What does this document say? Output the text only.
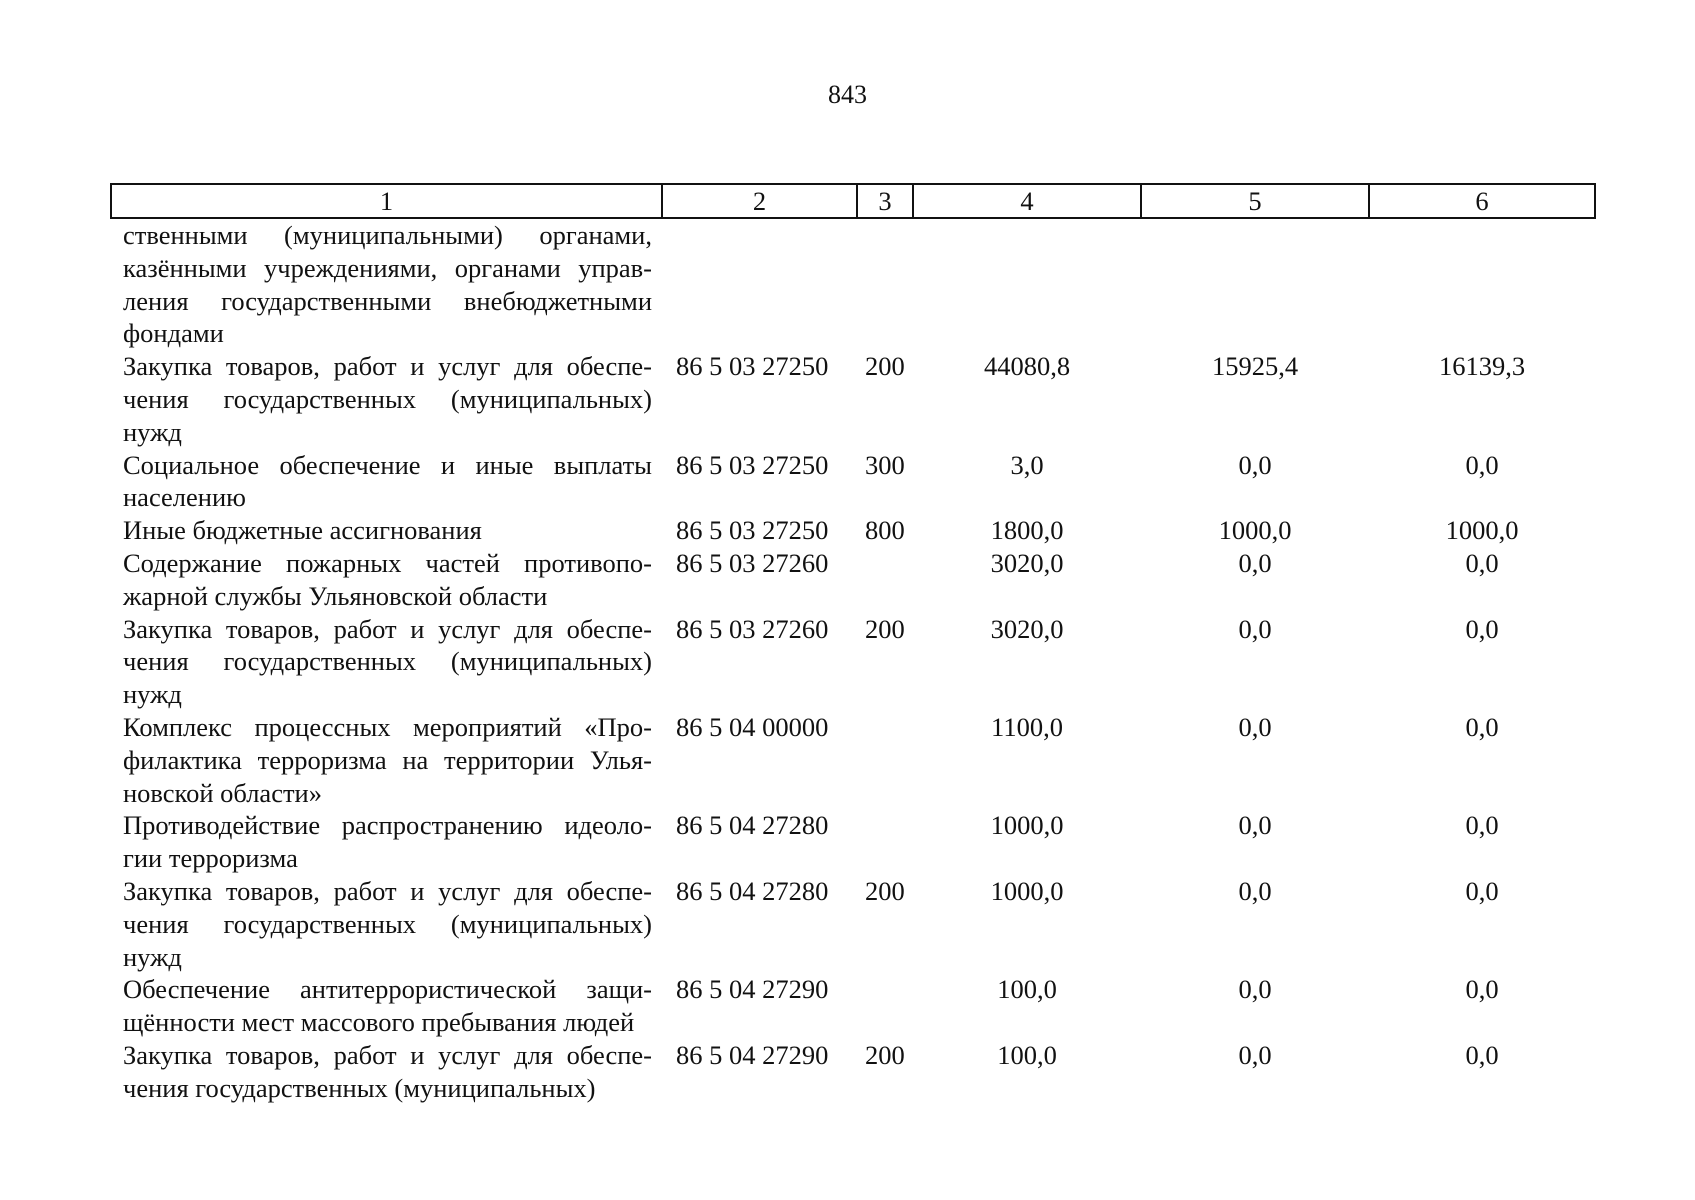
843
1	2	3	4	5	6
ственными (муниципальными) органами, казёнными учреждениями, органами управления государственными внебюджетными фондами					
Закупка товаров, работ и услуг для обеспечения государственных (муниципальных) нужд	86 5 03 27250	200	44080,8	15925,4	16139,3
Социальное обеспечение и иные выплаты населению	86 5 03 27250	300	3,0	0,0	0,0
Иные бюджетные ассигнования	86 5 03 27250	800	1800,0	1000,0	1000,0
Содержание пожарных частей противопожарной службы Ульяновской области	86 5 03 27260		3020,0	0,0	0,0
Закупка товаров, работ и услуг для обеспечения государственных (муниципальных) нужд	86 5 03 27260	200	3020,0	0,0	0,0
Комплекс процессных мероприятий «Профилактика терроризма на территории Ульяновской области»	86 5 04 00000		1100,0	0,0	0,0
Противодействие распространению идеологии терроризма	86 5 04 27280		1000,0	0,0	0,0
Закупка товаров, работ и услуг для обеспечения государственных (муниципальных) нужд	86 5 04 27280	200	1000,0	0,0	0,0
Обеспечение антитеррористической защищённости мест массового пребывания людей	86 5 04 27290		100,0	0,0	0,0
Закупка товаров, работ и услуг для обеспечения государственных (муниципальных)	86 5 04 27290	200	100,0	0,0	0,0
